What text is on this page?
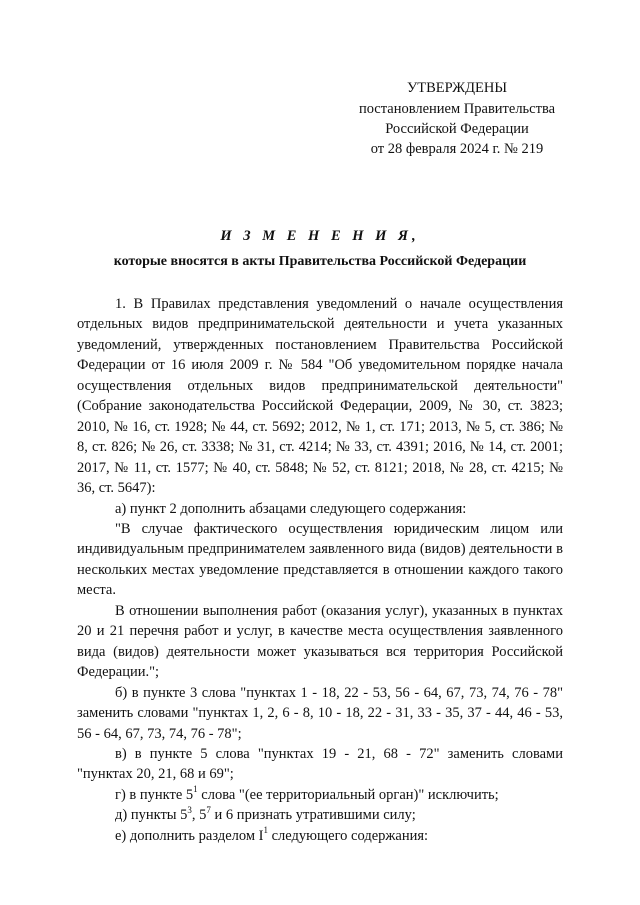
УТВЕРЖДЕНЫ
постановлением Правительства
Российской Федерации
от 28 февраля 2024 г. № 219
И З М Е Н Е Н И Я,
которые вносятся в акты Правительства Российской Федерации

1. В Правилах представления уведомлений о начале осуществления отдельных видов предпринимательской деятельности и учета указанных уведомлений, утвержденных постановлением Правительства Российской Федерации от 16 июля 2009 г. № 584 "Об уведомительном порядке начала осуществления отдельных видов предпринимательской деятельности" (Собрание законодательства Российской Федерации, 2009, № 30, ст. 3823; 2010, № 16, ст. 1928; № 44, ст. 5692; 2012, № 1, ст. 171; 2013, № 5, ст. 386; № 8, ст. 826; № 26, ст. 3338; № 31, ст. 4214; № 33, ст. 4391; 2016, № 14, ст. 2001; 2017, № 11, ст. 1577; № 40, ст. 5848; № 52, ст. 8121; 2018, № 28, ст. 4215; № 36, ст. 5647):

а) пункт 2 дополнить абзацами следующего содержания:

"В случае фактического осуществления юридическим лицом или индивидуальным предпринимателем заявленного вида (видов) деятельности в нескольких местах уведомление представляется в отношении каждого такого места.

В отношении выполнения работ (оказания услуг), указанных в пунктах 20 и 21 перечня работ и услуг, в качестве места осуществления заявленного вида (видов) деятельности может указываться вся территория Российской Федерации.";

б) в пункте 3 слова "пунктах 1 - 18, 22 - 53, 56 - 64, 67, 73, 74, 76 - 78" заменить словами "пунктах 1, 2, 6 - 8, 10 - 18, 22 - 31, 33 - 35, 37 - 44, 46 - 53, 56 - 64, 67, 73, 74, 76 - 78";

в) в пункте 5 слова "пунктах 19 - 21, 68 - 72" заменить словами "пунктах 20, 21, 68 и 69";

г) в пункте $5^1$ слова "(ее территориальный орган)" исключить;

д) пункты $5^3$, $5^7$ и 6 признать утратившими силу;

е) дополнить разделом $I^1$ следующего содержания:
